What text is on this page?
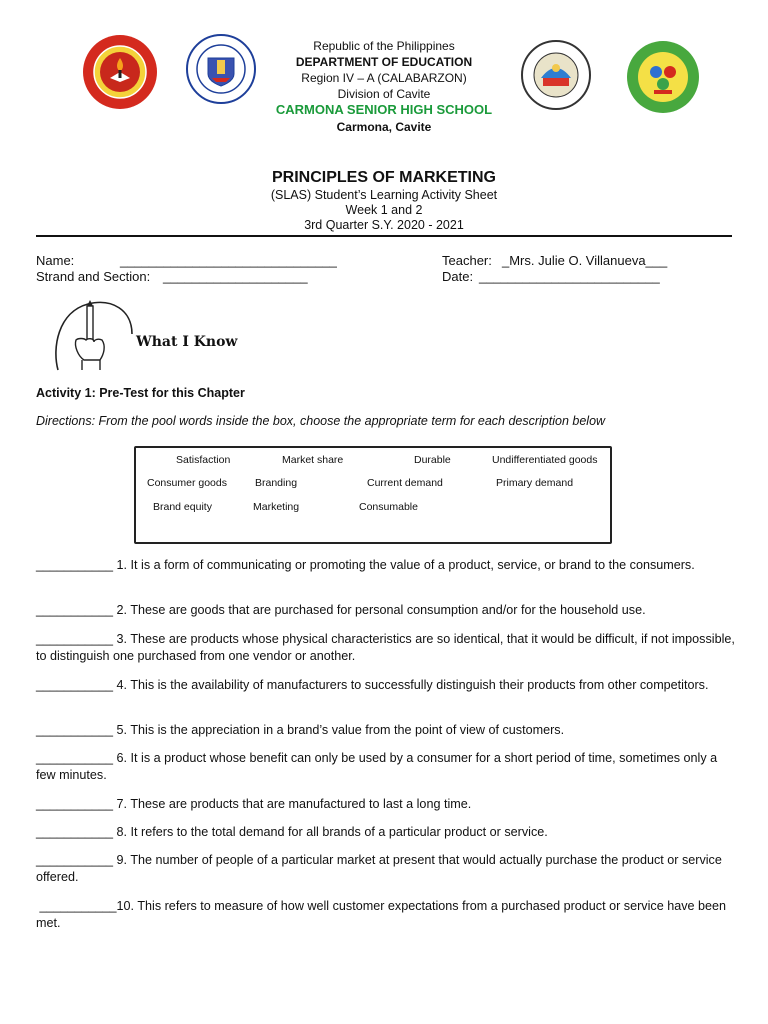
Republic of the Philippines
DEPARTMENT OF EDUCATION
Region IV – A (CALABARZON)
Division of Cavite
CARMONA SENIOR HIGH SCHOOL
Carmona, Cavite
PRINCIPLES OF MARKETING
(SLAS) Student’s Learning Activity Sheet
Week 1 and 2
3rd Quarter S.Y. 2020 - 2021
Name:	______________________________
Strand and Section: ____________________
Teacher: _Mrs. Julie O. Villanueva___
Date: _________________________
What I Know
Activity 1: Pre-Test for this Chapter
Directions: From the pool words inside the box, choose the appropriate term for each description below
Satisfaction	Market share	Durable	Undifferentiated goods
Consumer goods	Branding	Current demand	Primary demand
Brand equity	Marketing	Consumable
___________ 1. It is a form of communicating or promoting the value of a product, service, or brand to the consumers.
___________ 2. These are goods that are purchased for personal consumption and/or for the household use.
___________ 3. These are products whose physical characteristics are so identical, that it would be difficult, if not impossible, to distinguish one purchased from one vendor or another.
___________ 4. This is the availability of manufacturers to successfully distinguish their products from other competitors.
___________ 5. This is the appreciation in a brand’s value from the point of view of customers.
___________ 6. It is a product whose benefit can only be used by a consumer for a short period of time, sometimes only a few minutes.
___________ 7. These are products that are manufactured to last a long time.
___________ 8. It refers to the total demand for all brands of a particular product or service.
___________ 9. The number of people of a particular market at present that would actually purchase the product or service offered.
___________10. This refers to measure of how well customer expectations from a purchased product or service have been met.
